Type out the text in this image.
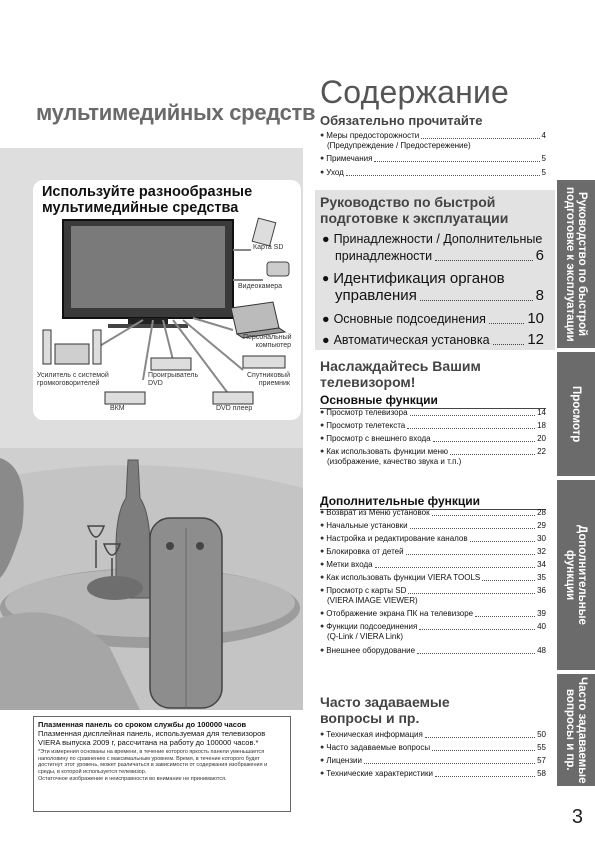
мультимедийных средств
Используйте разнообразные мультимедийные средства
Карта SD
Видеокамера
Персональный компьютер
Усилитель с системой громкоговорителей
Проигрыватель DVD
Спутниковый приемник
ВКМ	DVD плеер
Плазменная панель со сроком службы до 100000 часов
Плазменная дисплейная панель, используемая для телевизоров VIERA выпуска 2009 г, рассчитана на работу до 100000 часов.*
*Эти измерения основаны на времени, в течение которого яркость панели уменьшается наполовину по сравнению с максимальным уровнем. Время, в течение которого будет достигнут этот уровень, может различаться в зависимости от содержания изображения и среды, в которой используется телевизор.
Остаточное изображение и неисправности во внимание не принимаются.
Содержание
Обязательно прочитайте
● Меры предосторожности	4
(Предупреждение / Предостережение)
● Примечания	5
● Уход	5
Руководство по быстрой подготовке к эксплуатации
● Принадлежности / Дополнительные
принадлежности	6
● Идентификация органов
управления	8
● Основные подсоединения	10
● Автоматическая установка	12
Наслаждайтесь Вашим телевизором!
Основные функции
● Просмотр телевизора	14
● Просмотр телетекста	18
● Просмотр с внешнего входа	20
● Как использовать функции меню	22
(изображение, качество звука и т.п.)
Дополнительные функции
● Возврат из Меню установок	28
● Начальные установки	29
● Настройка и редактирование каналов	30
● Блокировка от детей	32
● Метки входа	34
● Как использовать функции VIERA TOOLS	35
● Просмотр с карты SD	36
(VIERA IMAGE VIEWER)
● Отображение экрана ПК на телевизоре	39
● Функции подсоединения	40
(Q-Link / VIERA Link)
● Внешнее оборудование	48
Часто задаваемые вопросы и пр.
● Техническая информация	50
● Часто задаваемые вопросы	55
● Лицензии	57
● Технические характеристики	58
Руководство по быстрой
подготовке к эксплуатации
Просмотр
Дополнительные
функции
Часто задаваемые
вопросы и пр.
3
